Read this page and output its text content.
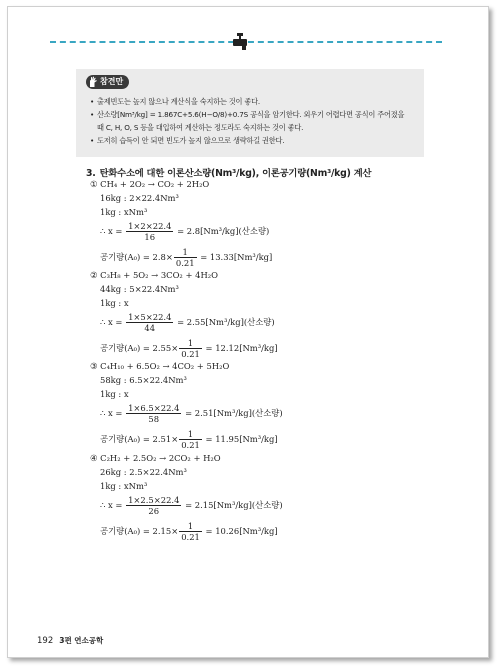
참견만
• 출제빈도는 높지 않으나 계산식을 숙지하는 것이 좋다.
• 산소량[Nm³/kg] = 1.867C+5.6(H−O/8)+0.7S 공식을 암기한다. 외우기 어렵다면 공식이 주어졌을
때 C, H, O, S 등을 대입하여 계산하는 정도라도 숙지하는 것이 좋다.
• 도저히 습득이 안 되면 빈도가 높지 않으므로 생략하길 권한다.
3. 탄화수소에 대한 이론산소량(Nm³/kg), 이론공기량(Nm³/kg) 계산
① CH₄ + 2O₂ → CO₂ + 2H₂O
16kg : 2×22.4Nm³
1kg : xNm³
∴ $x = \frac{1\times 2\times 22.4}{16} = 2.8[Nm^3/kg]$(산소량)
공기량$(A_0) = 2.8\times \frac{1}{0.21} = 13.33[Nm^3/kg]$
② C₃H₈ + 5O₂ → 3CO₂ + 4H₂O
44kg : 5×22.4Nm³
1kg : x
∴ $x = \frac{1\times 5\times 22.4}{44} = 2.55[Nm^3/kg]$(산소량)
공기량$(A_0) = 2.55\times \frac{1}{0.21} = 12.12[Nm^3/kg]$
③ C₄H₁₀ + 6.5O₂ → 4CO₂ + 5H₂O
58kg : 6.5×22.4Nm³
1kg : x
∴ $x = \frac{1\times 6.5\times 22.4}{58} = 2.51[Nm^3/kg]$(산소량)
공기량$(A_0) = 2.51\times \frac{1}{0.21} = 11.95[Nm^3/kg]$
④ C₂H₂ + 2.5O₂ → 2CO₂ + H₂O
26kg : 2.5×22.4Nm³
1kg : xNm³
∴ $x = \frac{1\times 2.5\times 22.4}{26} = 2.15[Nm^3/kg]$(산소량)
공기량$(A_0) = 2.15\times \frac{1}{0.21} = 10.26[Nm^3/kg]$
192 3편 연소공학
